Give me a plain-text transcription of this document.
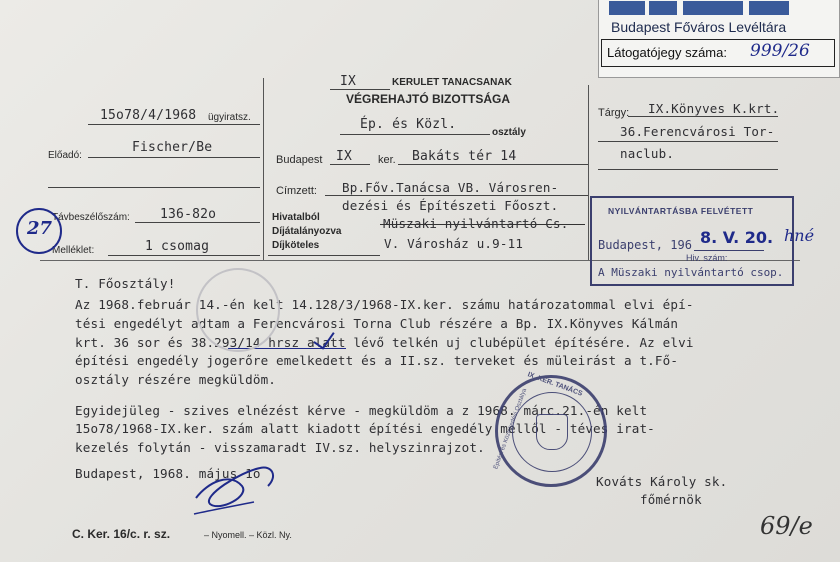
Budapest Főváros Levéltára
Látogatójegy száma: 999/26
15o78/4/1968 ügyiratsz.
Előadó:
Fischer/Be
Távbeszélőszám: 136-82o
Melléklet:	1 csomag
27
IX	KERULET TANACSANAK
VÉGREHAJTÓ BIZOTTSÁGA
Ép. és Közl.
osztály
Budapest IX ker. Bakáts tér 14
Címzett: Bp.Főv.Tanácsa VB. Városren-
dezési és Építészeti Főoszt.
Müszaki nyilvántartó Cs.
V. Városház u.9-11
Hivatalból
Díjátalányozva
Díjköteles
Tárgy: IX.Könyves K.krt.
36.Ferencvárosi Tor-
naclub.
NYILVÁNTARTÁSBA FELVÉTETT
Budapest, 196
Hiv. szám:
A Müszaki nyilvántartó csop.
8. V. 20. hné
T. Főosztály!
Az 1968.február 14.-én kelt 14.128/3/1968-IX.ker. számu határozatommal elvi épí-
tési engedélyt adtam a Ferencvárosi Torna Club részére a Bp. IX.Könyves Kálmán
krt. 36 sor és 38.293/14 hrsz alatt lévő telkén uj clubépület építésére. Az elvi
építési engedély jogerőre emelkedett és a II.sz. terveket és müleirást a t.Fő-
osztály részére megküldöm.
Egyidejüleg - szives elnézést kérve - megküldöm a z 1968. márc.21.-én kelt
15o78/1968-IX.ker. szám alatt kiadott építési engedély mellől - téves irat-
kezelés folytán - visszamaradt IV.sz. helyszinrajzot.
Budapest, 1968. május 1o
Kováts Károly sk.
főmérnök
IX. KER. TANÁCS
Építési és Közlekedési Osztálya
C. Ker. 16/c. r. sz.	– Nyomell. – Közl. Ny.	69/e
